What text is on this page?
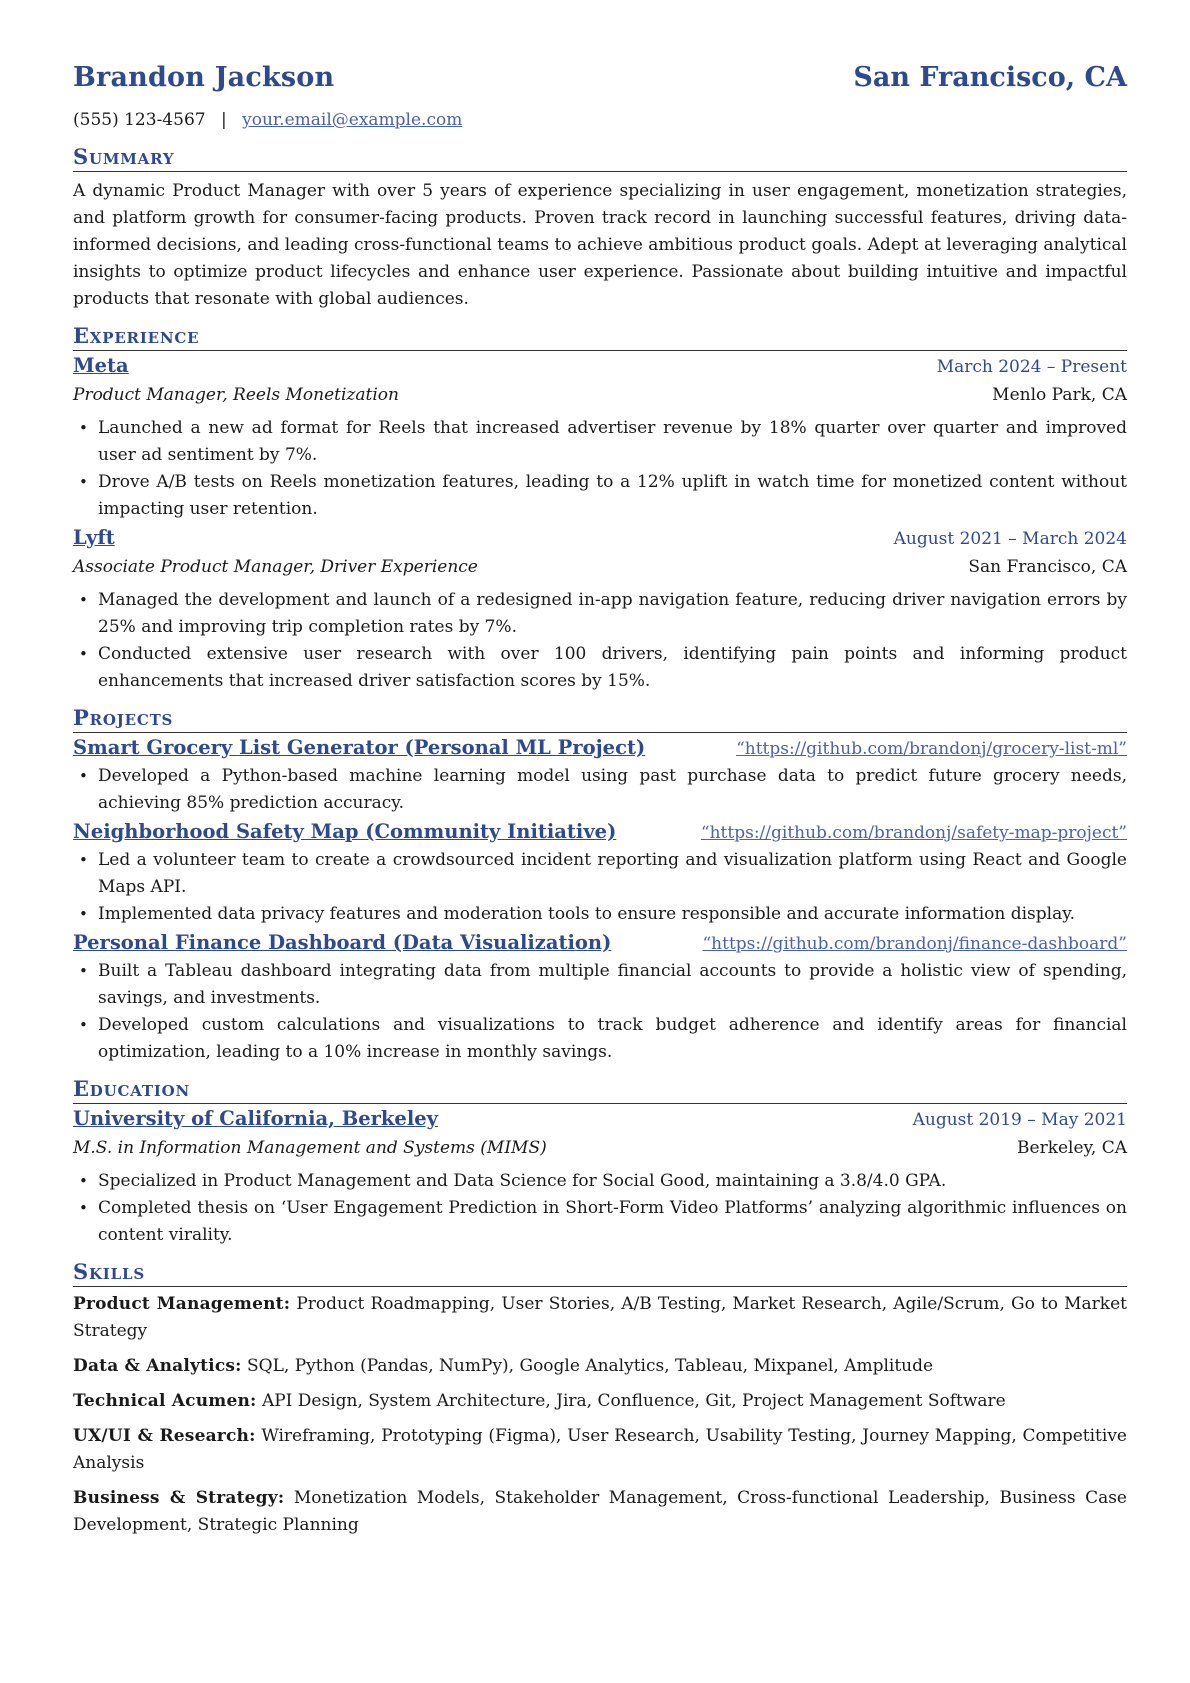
Brandon Jackson	San Francisco, CA
(555) 123-4567 | your.email@example.com
Summary

A dynamic Product Manager with over 5 years of experience specializing in user engagement, monetization strategies, and platform growth for consumer-facing products. Proven track record in launching successful features, driving data-informed decisions, and leading cross-functional teams to achieve ambitious product goals. Adept at leveraging analytical insights to optimize product lifecycles and enhance user experience. Passionate about building intuitive and impactful products that resonate with global audiences.

Experience
Meta	March 2024 – Present
Product Manager, Reels Monetization	Menlo Park, CA
• Launched a new ad format for Reels that increased advertiser revenue by 18% quarter over quarter and improved user ad sentiment by 7%.
• Drove A/B tests on Reels monetization features, leading to a 12% uplift in watch time for monetized content without impacting user retention.
Lyft	August 2021 – March 2024
Associate Product Manager, Driver Experience	San Francisco, CA
• Managed the development and launch of a redesigned in-app navigation feature, reducing driver navigation errors by 25% and improving trip completion rates by 7%.
• Conducted extensive user research with over 100 drivers, identifying pain points and informing product enhancements that increased driver satisfaction scores by 15%.
Projects
Smart Grocery List Generator (Personal ML Project)	“https://github.com/brandonj/grocery-list-ml”
• Developed a Python-based machine learning model using past purchase data to predict future grocery needs, achieving 85% prediction accuracy.
Neighborhood Safety Map (Community Initiative)	“https://github.com/brandonj/safety-map-project”
• Led a volunteer team to create a crowdsourced incident reporting and visualization platform using React and Google Maps API.
• Implemented data privacy features and moderation tools to ensure responsible and accurate information display.
Personal Finance Dashboard (Data Visualization)	“https://github.com/brandonj/finance-dashboard”
• Built a Tableau dashboard integrating data from multiple financial accounts to provide a holistic view of spending, savings, and investments.
• Developed custom calculations and visualizations to track budget adherence and identify areas for financial optimization, leading to a 10% increase in monthly savings.
Education
University of California, Berkeley	August 2019 – May 2021
M.S. in Information Management and Systems (MIMS)	Berkeley, CA
• Specialized in Product Management and Data Science for Social Good, maintaining a 3.8/4.0 GPA.
• Completed thesis on ‘User Engagement Prediction in Short-Form Video Platforms’ analyzing algorithmic influences on content virality.
Skills
Product Management: Product Roadmapping, User Stories, A/B Testing, Market Research, Agile/Scrum, Go to Market Strategy
Data & Analytics: SQL, Python (Pandas, NumPy), Google Analytics, Tableau, Mixpanel, Amplitude
Technical Acumen: API Design, System Architecture, Jira, Confluence, Git, Project Management Software
UX/UI & Research: Wireframing, Prototyping (Figma), User Research, Usability Testing, Journey Mapping, Competitive Analysis
Business & Strategy: Monetization Models, Stakeholder Management, Cross-functional Leadership, Business Case Development, Strategic Planning
